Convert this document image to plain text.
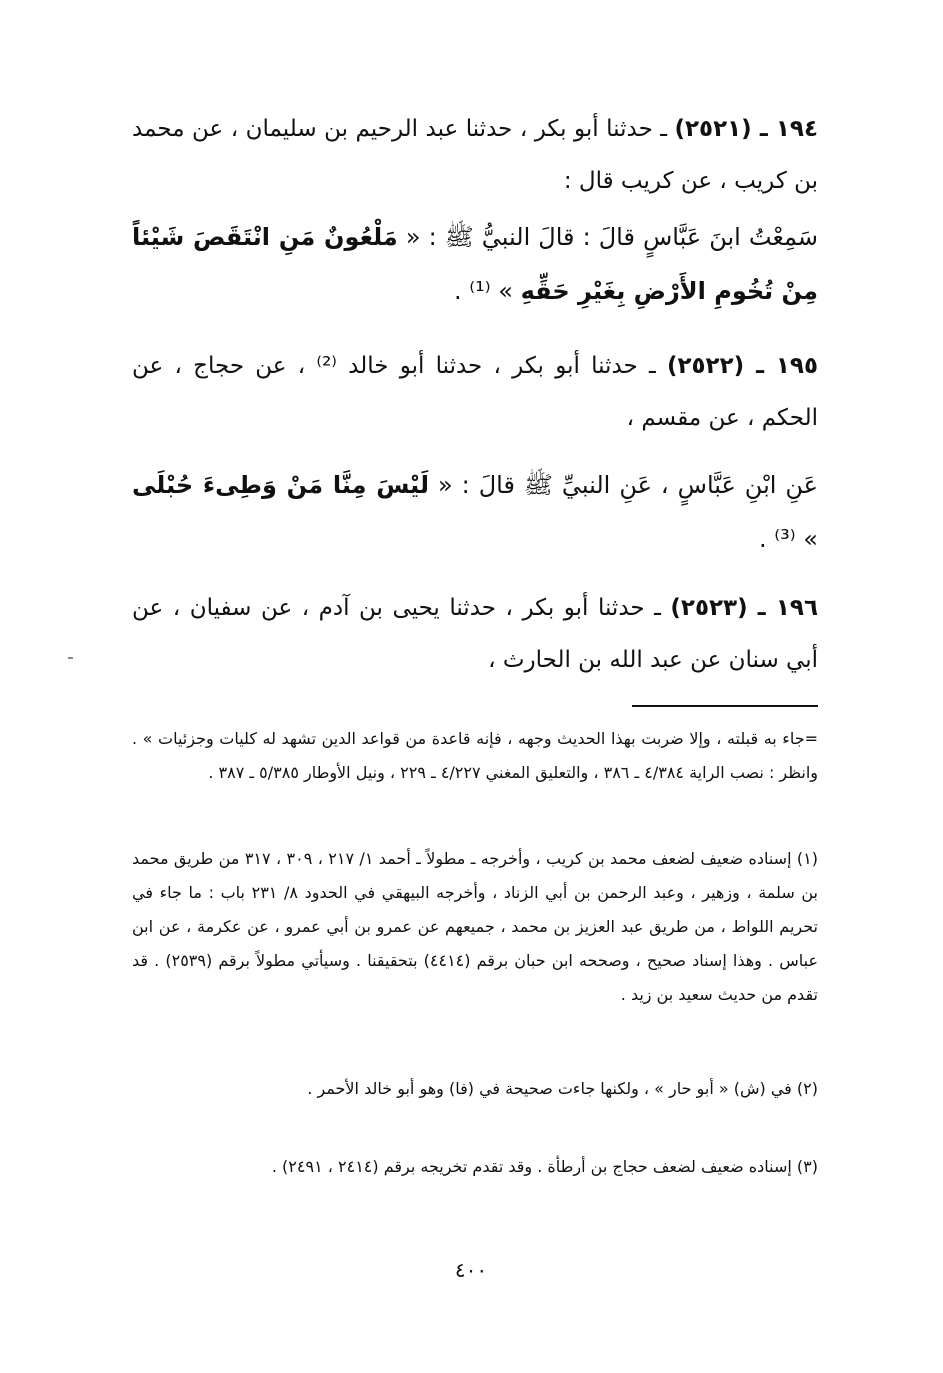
١٩٤ ـ (٢٥٢١) ـ حدثنا أبو بكر ، حدثنا عبد الرحيم بن سليمان ، عن محمد بن كريب ، عن كريب قال :
سَمِعْتُ ابنَ عَبَّاسٍ قالَ : قالَ النبيُّ ﷺ : « مَلْعُونٌ مَنِ انْتَقَصَ شَيْئاً مِنْ تُخُومِ الأَرْضِ بِغَيْرِ حَقِّهِ » ⁽¹⁾ .
١٩٥ ـ (٢٥٢٢) ـ حدثنا أبو بكر ، حدثنا أبو خالد ⁽²⁾ ، عن حجاج ، عن الحكم ، عن مقسم ،
عَنِ ابْنِ عَبَّاسٍ ، عَنِ النبيِّ ﷺ قالَ : « لَيْسَ مِنَّا مَنْ وَطِىءَ حُبْلَى » ⁽³⁾ .
١٩٦ ـ (٢٥٢٣) ـ حدثنا أبو بكر ، حدثنا يحيى بن آدم ، عن سفيان ، عن أبي سنان عن عبد الله بن الحارث ،
=جاء به قبلته ، وإلا ضربت بهذا الحديث وجهه ، فإنه قاعدة من قواعد الدين تشهد له كليات وجزئيات » . وانظر : نصب الراية ٤/٣٨٤ ـ ٣٨٦ ، والتعليق المغني ٤/٢٢٧ ـ ٢٢٩ ، ونيل الأوطار ٥/٣٨٥ ـ ٣٨٧ .
(١) إسناده ضعيف لضعف محمد بن كريب ، وأخرجه ـ مطولاً ـ أحمد ١/ ٢١٧ ، ٣٠٩ ، ٣١٧ من طريق محمد بن سلمة ، وزهير ، وعبد الرحمن بن أبي الزناد ، وأخرجه البيهقي في الحدود ٨/ ٢٣١ باب : ما جاء في تحريم اللواط ، من طريق عبد العزيز بن محمد ، جميعهم عن عمرو بن أبي عمرو ، عن عكرمة ، عن ابن عباس . وهذا إسناد صحيح ، وصححه ابن حبان برقم (٤٤١٤) بتحقيقنا . وسيأتي مطولاً برقم (٢٥٣٩) . قد تقدم من حديث سعيد بن زيد .
(٢) في (ش) « أبو حار » ، ولكنها جاءت صحيحة في (فا) وهو أبو خالد الأحمر .
(٣) إسناده ضعيف لضعف حجاج بن أرطأة . وقد تقدم تخريجه برقم (٢٤١٤ ، ٢٤٩١) .
٤٠٠
